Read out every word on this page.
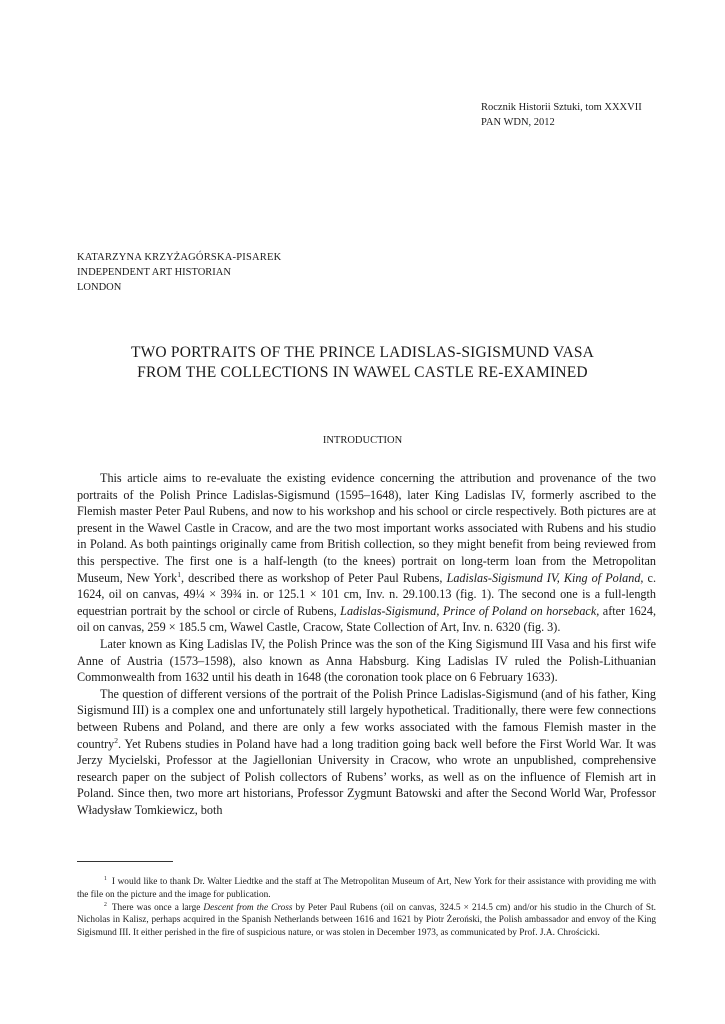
Rocznik Historii Sztuki, tom XXXVII
PAN WDN, 2012
KATARZYNA KRZYŻAGÓRSKA-PISAREK
INDEPENDENT ART HISTORIAN
LONDON
TWO PORTRAITS OF THE PRINCE LADISLAS-SIGISMUND VASA
FROM THE COLLECTIONS IN WAWEL CASTLE RE-EXAMINED
INTRODUCTION

This article aims to re-evaluate the existing evidence concerning the attribution and provenance of the two portraits of the Polish Prince Ladislas-Sigismund (1595–1648), later King Ladislas IV, formerly ascribed to the Flemish master Peter Paul Rubens, and now to his workshop and his school or circle respectively. Both pictures are at present in the Wawel Castle in Cracow, and are the two most important works associated with Rubens and his studio in Poland. As both paintings originally came from British collection, so they might benefit from being reviewed from this perspective. The first one is a half-length (to the knees) portrait on long-term loan from the Metropolitan Museum, New York$^1$, described there as workshop of Peter Paul Rubens, Ladislas-Sigismund IV, King of Poland, c. 1624, oil on canvas, 49¼ × 39¾ in. or 125.1 × 101 cm, Inv. n. 29.100.13 (fig. 1). The second one is a full-length equestrian portrait by the school or circle of Rubens, Ladislas-Sigismund, Prince of Poland on horseback, after 1624, oil on canvas, 259 × 185.5 cm, Wawel Castle, Cracow, State Collection of Art, Inv. n. 6320 (fig. 3).

Later known as King Ladislas IV, the Polish Prince was the son of the King Sigismund III Vasa and his first wife Anne of Austria (1573–1598), also known as Anna Habsburg. King Ladislas IV ruled the Polish-Lithuanian Commonwealth from 1632 until his death in 1648 (the coronation took place on 6 February 1633).

The question of different versions of the portrait of the Polish Prince Ladislas-Sigismund (and of his father, King Sigismund III) is a complex one and unfortunately still largely hypothetical. Traditionally, there were few connections between Rubens and Poland, and there are only a few works associated with the famous Flemish master in the country$^2$. Yet Rubens studies in Poland have had a long tradition going back well before the First World War. It was Jerzy Mycielski, Professor at the Jagiellonian University in Cracow, who wrote an unpublished, comprehensive research paper on the subject of Polish collectors of Rubens’ works, as well as on the influence of Flemish art in Poland. Since then, two more art historians, Professor Zygmunt Batowski and after the Second World War, Professor Władysław Tomkiewicz, both

$^1$ I would like to thank Dr. Walter Liedtke and the staff at The Metropolitan Museum of Art, New York for their assistance with providing me with the file on the picture and the image for publication.

$^2$ There was once a large Descent from the Cross by Peter Paul Rubens (oil on canvas, 324.5 × 214.5 cm) and/or his studio in the Church of St. Nicholas in Kalisz, perhaps acquired in the Spanish Netherlands between 1616 and 1621 by Piotr Żeroński, the Polish ambassador and envoy of the King Sigismund III. It either perished in the fire of suspicious nature, or was stolen in December 1973, as communicated by Prof. J.A. Chrościcki.
